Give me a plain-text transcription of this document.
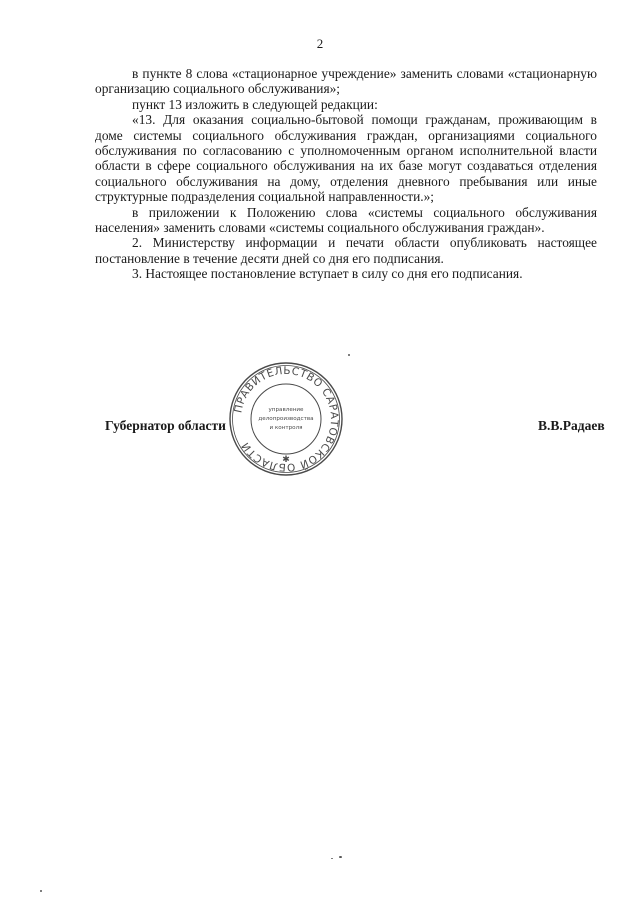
2

в пункте 8 слова «стационарное учреждение» заменить словами «стационарную организацию социального обслуживания»;

пункт 13 изложить в следующей редакции:

«13. Для оказания социально-бытовой помощи гражданам, проживающим в доме системы социального обслуживания граждан, организациями социального обслуживания по согласованию с уполномоченным органом исполнительной власти области в сфере социального обслуживания на их базе могут создаваться отделения социального обслуживания на дому, отделения дневного пребывания или иные структурные подразделения социальной направленности.»;

в приложении к Положению слова «системы социального обслуживания населения» заменить словами «системы социального обслуживания граждан».

2. Министерству информации и печати области опубликовать настоящее постановление в течение десяти дней со дня его подписания.

3. Настоящее постановление вступает в силу со дня его подписания.

Губернатор области	В.В.Радаев
ПРАВИТЕЛЬСТВО САРАТОВСКОЙ ОБЛАСТИ
управление
делопроизводства
и контроля
✱
